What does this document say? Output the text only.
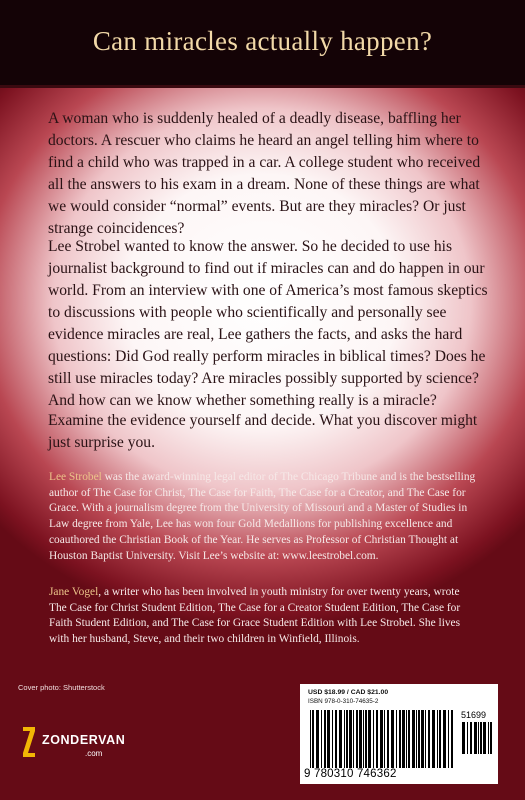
Can miracles actually happen?

A woman who is suddenly healed of a deadly disease, baffling her doctors. A rescuer who claims he heard an angel telling him where to find a child who was trapped in a car. A college student who received all the answers to his exam in a dream. None of these things are what we would consider “normal” events. But are they miracles? Or just strange coincidences?

Lee Strobel wanted to know the answer. So he decided to use his journalist background to find out if miracles can and do happen in our world. From an interview with one of America’s most famous skeptics to discussions with people who scientifically and personally see evidence miracles are real, Lee gathers the facts, and asks the hard questions: Did God really perform miracles in biblical times? Does he still use miracles today? Are miracles possibly supported by science? And how can we know whether something really is a miracle?

Examine the evidence yourself and decide. What you discover might just surprise you.

Lee Strobel was the award-winning legal editor of The Chicago Tribune and is the bestselling author of The Case for Christ, The Case for Faith, The Case for a Creator, and The Case for Grace. With a journalism degree from the University of Missouri and a Master of Studies in Law degree from Yale, Lee has won four Gold Medallions for publishing excellence and coauthored the Christian Book of the Year. He serves as Professor of Christian Thought at Houston Baptist University. Visit Lee’s website at: www.leestrobel.com.

Jane Vogel, a writer who has been involved in youth ministry for over twenty years, wrote The Case for Christ Student Edition, The Case for a Creator Student Edition, The Case for Faith Student Edition, and The Case for Grace Student Edition with Lee Strobel. She lives with her husband, Steve, and their two children in Winfield, Illinois.

Cover photo: Shutterstock
ZONDERVAN
.com
USD $18.99 / CAD $21.00
ISBN 978-0-310-74635-2
51699
9 780310 746362
